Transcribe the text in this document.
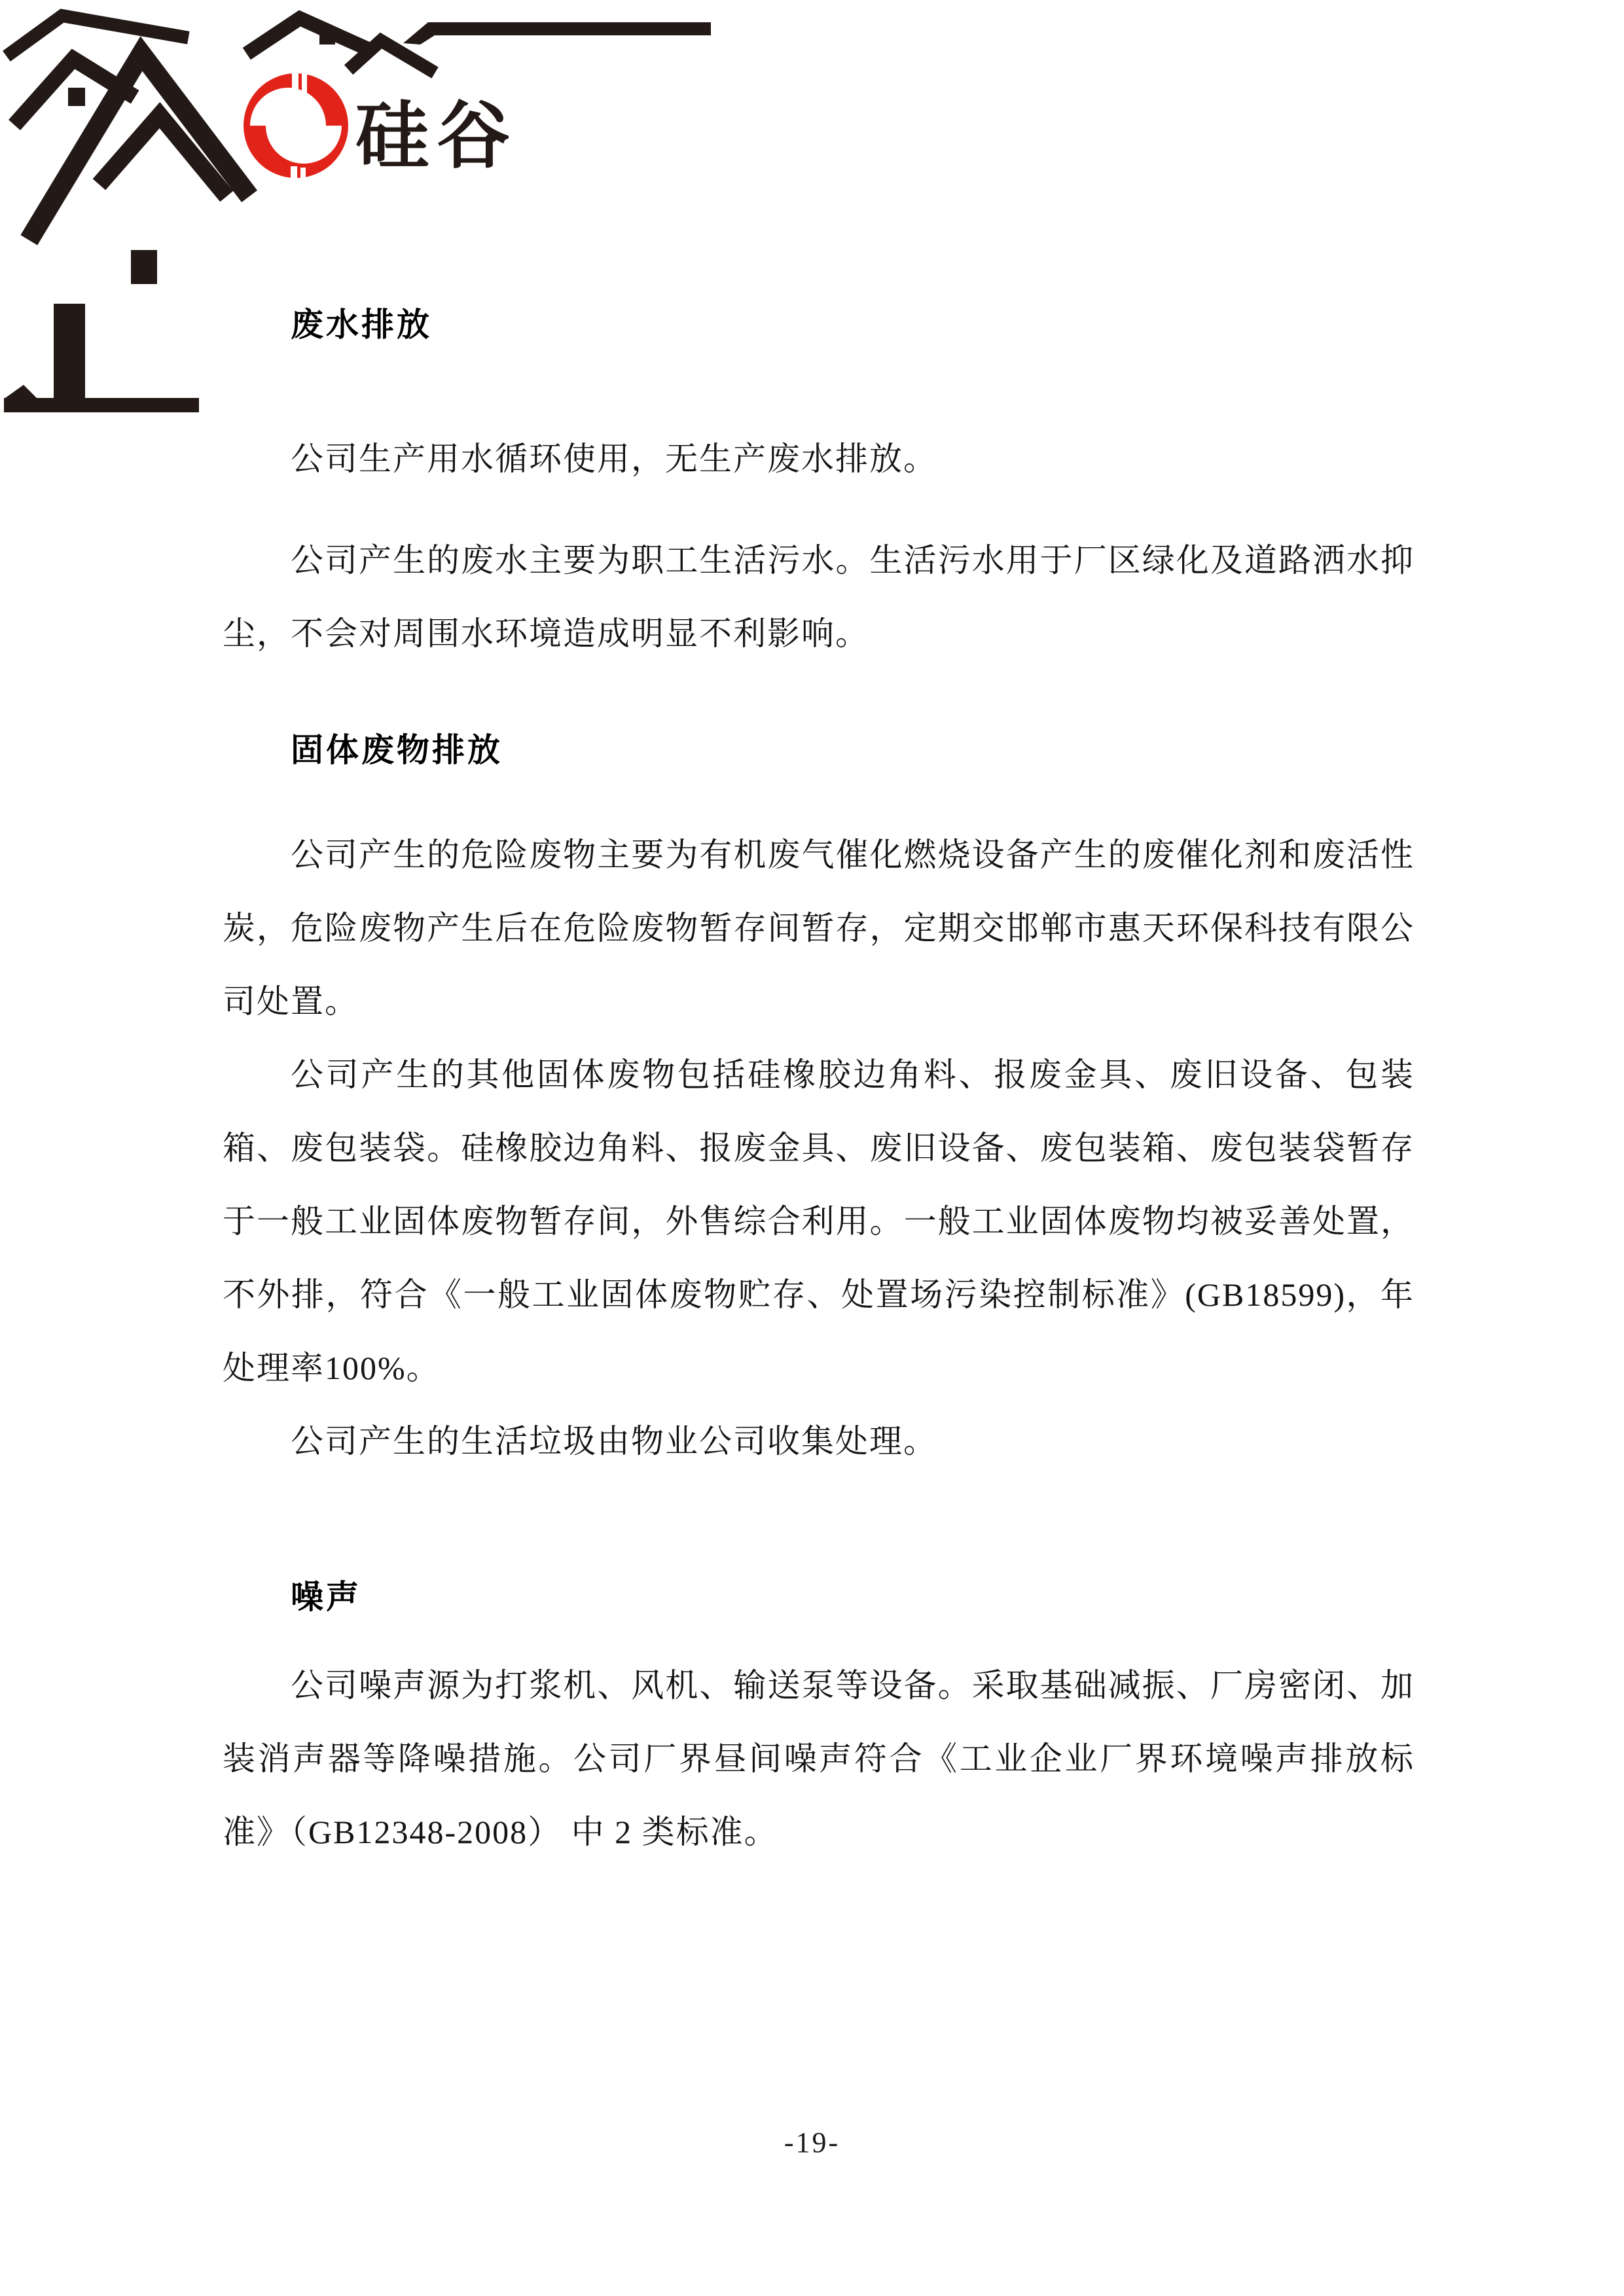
硅谷
废水排放

公司生产用水循环使用，无生产废水排放。

公司产生的废水主要为职工生活污水。生活污水用于厂区绿化及道路洒水抑尘，不会对周围水环境造成明显不利影响。

固体废物排放

公司产生的危险废物主要为有机废气催化燃烧设备产生的废催化剂和废活性炭，危险废物产生后在危险废物暂存间暂存，定期交邯郸市惠天环保科技有限公司处置。

公司产生的其他固体废物包括硅橡胶边角料、报废金具、废旧设备、包装箱、废包装袋。硅橡胶边角料、报废金具、废旧设备、废包装箱、废包装袋暂存于一般工业固体废物暂存间，外售综合利用。一般工业固体废物均被妥善处置，不外排，符合《一般工业固体废物贮存、处置场污染控制标准》(GB18599)，年处理率100%。

公司产生的生活垃圾由物业公司收集处理。

噪声

公司噪声源为打浆机、风机、输送泵等设备。采取基础减振、厂房密闭、加装消声器等降噪措施。公司厂界昼间噪声符合《工业企业厂界环境噪声排放标准》（GB12348-2008） 中 2 类标准。

-19-
